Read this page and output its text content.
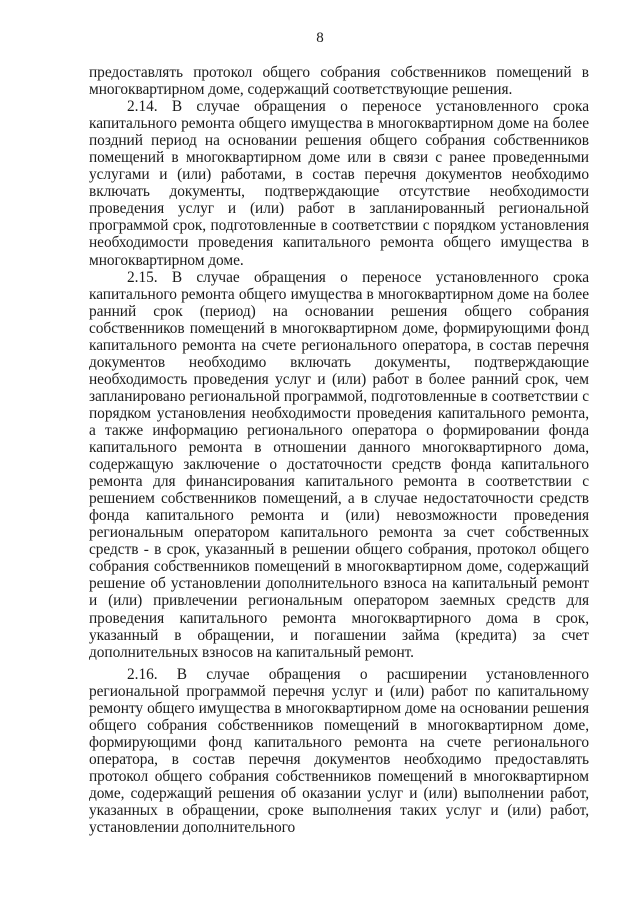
8

предоставлять протокол общего собрания собственников помещений в многоквартирном доме, содержащий соответствующие решения.

2.14. В случае обращения о переносе установленного срока капитального ремонта общего имущества в многоквартирном доме на более поздний период на основании решения общего собрания собственников помещений в многоквартирном доме или в связи с ранее проведенными услугами и (или) работами, в состав перечня документов необходимо включать документы, подтверждающие отсутствие необходимости проведения услуг и (или) работ в запланированный региональной программой срок, подготовленные в соответствии с порядком установления необходимости проведения капитального ремонта общего имущества в многоквартирном доме.

2.15. В случае обращения о переносе установленного срока капитального ремонта общего имущества в многоквартирном доме на более ранний срок (период) на основании решения общего собрания собственников помещений в многоквартирном доме, формирующими фонд капитального ремонта на счете регионального оператора, в состав перечня документов необходимо включать документы, подтверждающие необходимость проведения услуг и (или) работ в более ранний срок, чем запланировано региональной программой, подготовленные в соответствии с порядком установления необходимости проведения капитального ремонта, а также информацию регионального оператора о формировании фонда капитального ремонта в отношении данного многоквартирного дома, содержащую заключение о достаточности средств фонда капитального ремонта для финансирования капитального ремонта в соответствии с решением собственников помещений, а в случае недостаточности средств фонда капитального ремонта и (или) невозможности проведения региональным оператором капитального ремонта за счет собственных средств - в срок, указанный в решении общего собрания, протокол общего собрания собственников помещений в многоквартирном доме, содержащий решение об установлении дополнительного взноса на капитальный ремонт и (или) привлечении региональным оператором заемных средств для проведения капитального ремонта многоквартирного дома в срок, указанный в обращении, и погашении займа (кредита) за счет дополнительных взносов на капитальный ремонт.

2.16. В случае обращения о расширении установленного региональной программой перечня услуг и (или) работ по капитальному ремонту общего имущества в многоквартирном доме на основании решения общего собрания собственников помещений в многоквартирном доме, формирующими фонд капитального ремонта на счете регионального оператора, в состав перечня документов необходимо предоставлять протокол общего собрания собственников помещений в многоквартирном доме, содержащий решения об оказании услуг и (или) выполнении работ, указанных в обращении, сроке выполнения таких услуг и (или) работ, установлении дополнительного
